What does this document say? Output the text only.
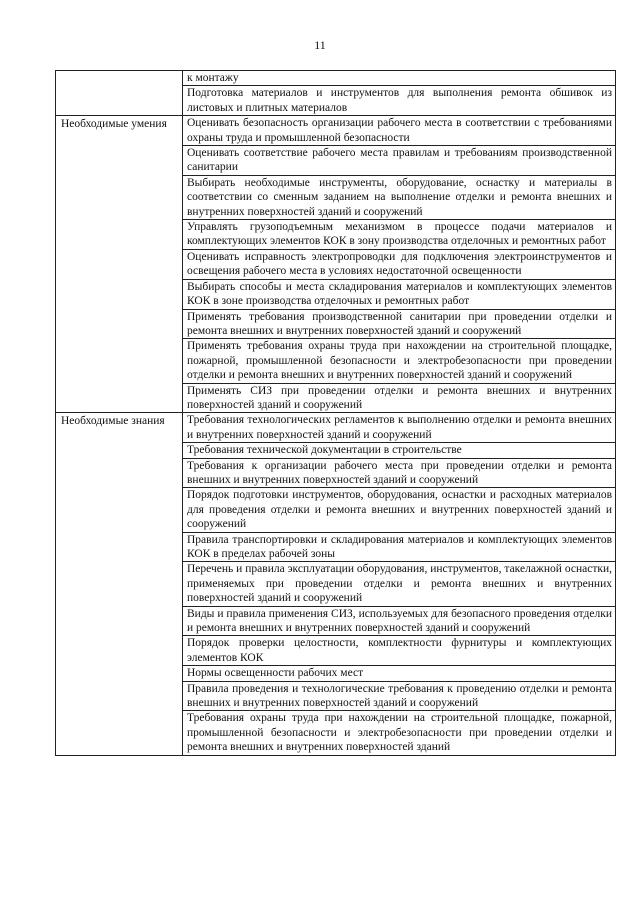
11
	к монтажу
	Подготовка материалов и инструментов для выполнения ремонта обшивок из листовых и плитных материалов
Необходимые умения	Оценивать безопасность организации рабочего места в соответствии с требованиями охраны труда и промышленной безопасности
	Оценивать соответствие рабочего места правилам и требованиям производственной санитарии
	Выбирать необходимые инструменты, оборудование, оснастку и материалы в соответствии со сменным заданием на выполнение отделки и ремонта внешних и внутренних поверхностей зданий и сооружений
	Управлять грузоподъемным механизмом в процессе подачи материалов и комплектующих элементов КОК в зону производства отделочных и ремонтных работ
	Оценивать исправность электропроводки для подключения электроинструментов и освещения рабочего места в условиях недостаточной освещенности
	Выбирать способы и места складирования материалов и комплектующих элементов КОК в зоне производства отделочных и ремонтных работ
	Применять требования производственной санитарии при проведении отделки и ремонта внешних и внутренних поверхностей зданий и сооружений
	Применять требования охраны труда при нахождении на строительной площадке, пожарной, промышленной безопасности и электробезопасности при проведении отделки и ремонта внешних и внутренних поверхностей зданий и сооружений
	Применять СИЗ при проведении отделки и ремонта внешних и внутренних поверхностей зданий и сооружений
Необходимые знания	Требования технологических регламентов к выполнению отделки и ремонта внешних и внутренних поверхностей зданий и сооружений
	Требования технической документации в строительстве
	Требования к организации рабочего места при проведении отделки и ремонта внешних и внутренних поверхностей зданий и сооружений
	Порядок подготовки инструментов, оборудования, оснастки и расходных материалов для проведения отделки и ремонта внешних и внутренних поверхностей зданий и сооружений
	Правила транспортировки и складирования материалов и комплектующих элементов КОК в пределах рабочей зоны
	Перечень и правила эксплуатации оборудования, инструментов, такелажной оснастки, применяемых при проведении отделки и ремонта внешних и внутренних поверхностей зданий и сооружений
	Виды и правила применения СИЗ, используемых для безопасного проведения отделки и ремонта внешних и внутренних поверхностей зданий и сооружений
	Порядок проверки целостности, комплектности фурнитуры и комплектующих элементов КОК
	Нормы освещенности рабочих мест
	Правила проведения и технологические требования к проведению отделки и ремонта внешних и внутренних поверхностей зданий и сооружений
	Требования охраны труда при нахождении на строительной площадке, пожарной, промышленной безопасности и электробезопасности при проведении отделки и ремонта внешних и внутренних поверхностей зданий
